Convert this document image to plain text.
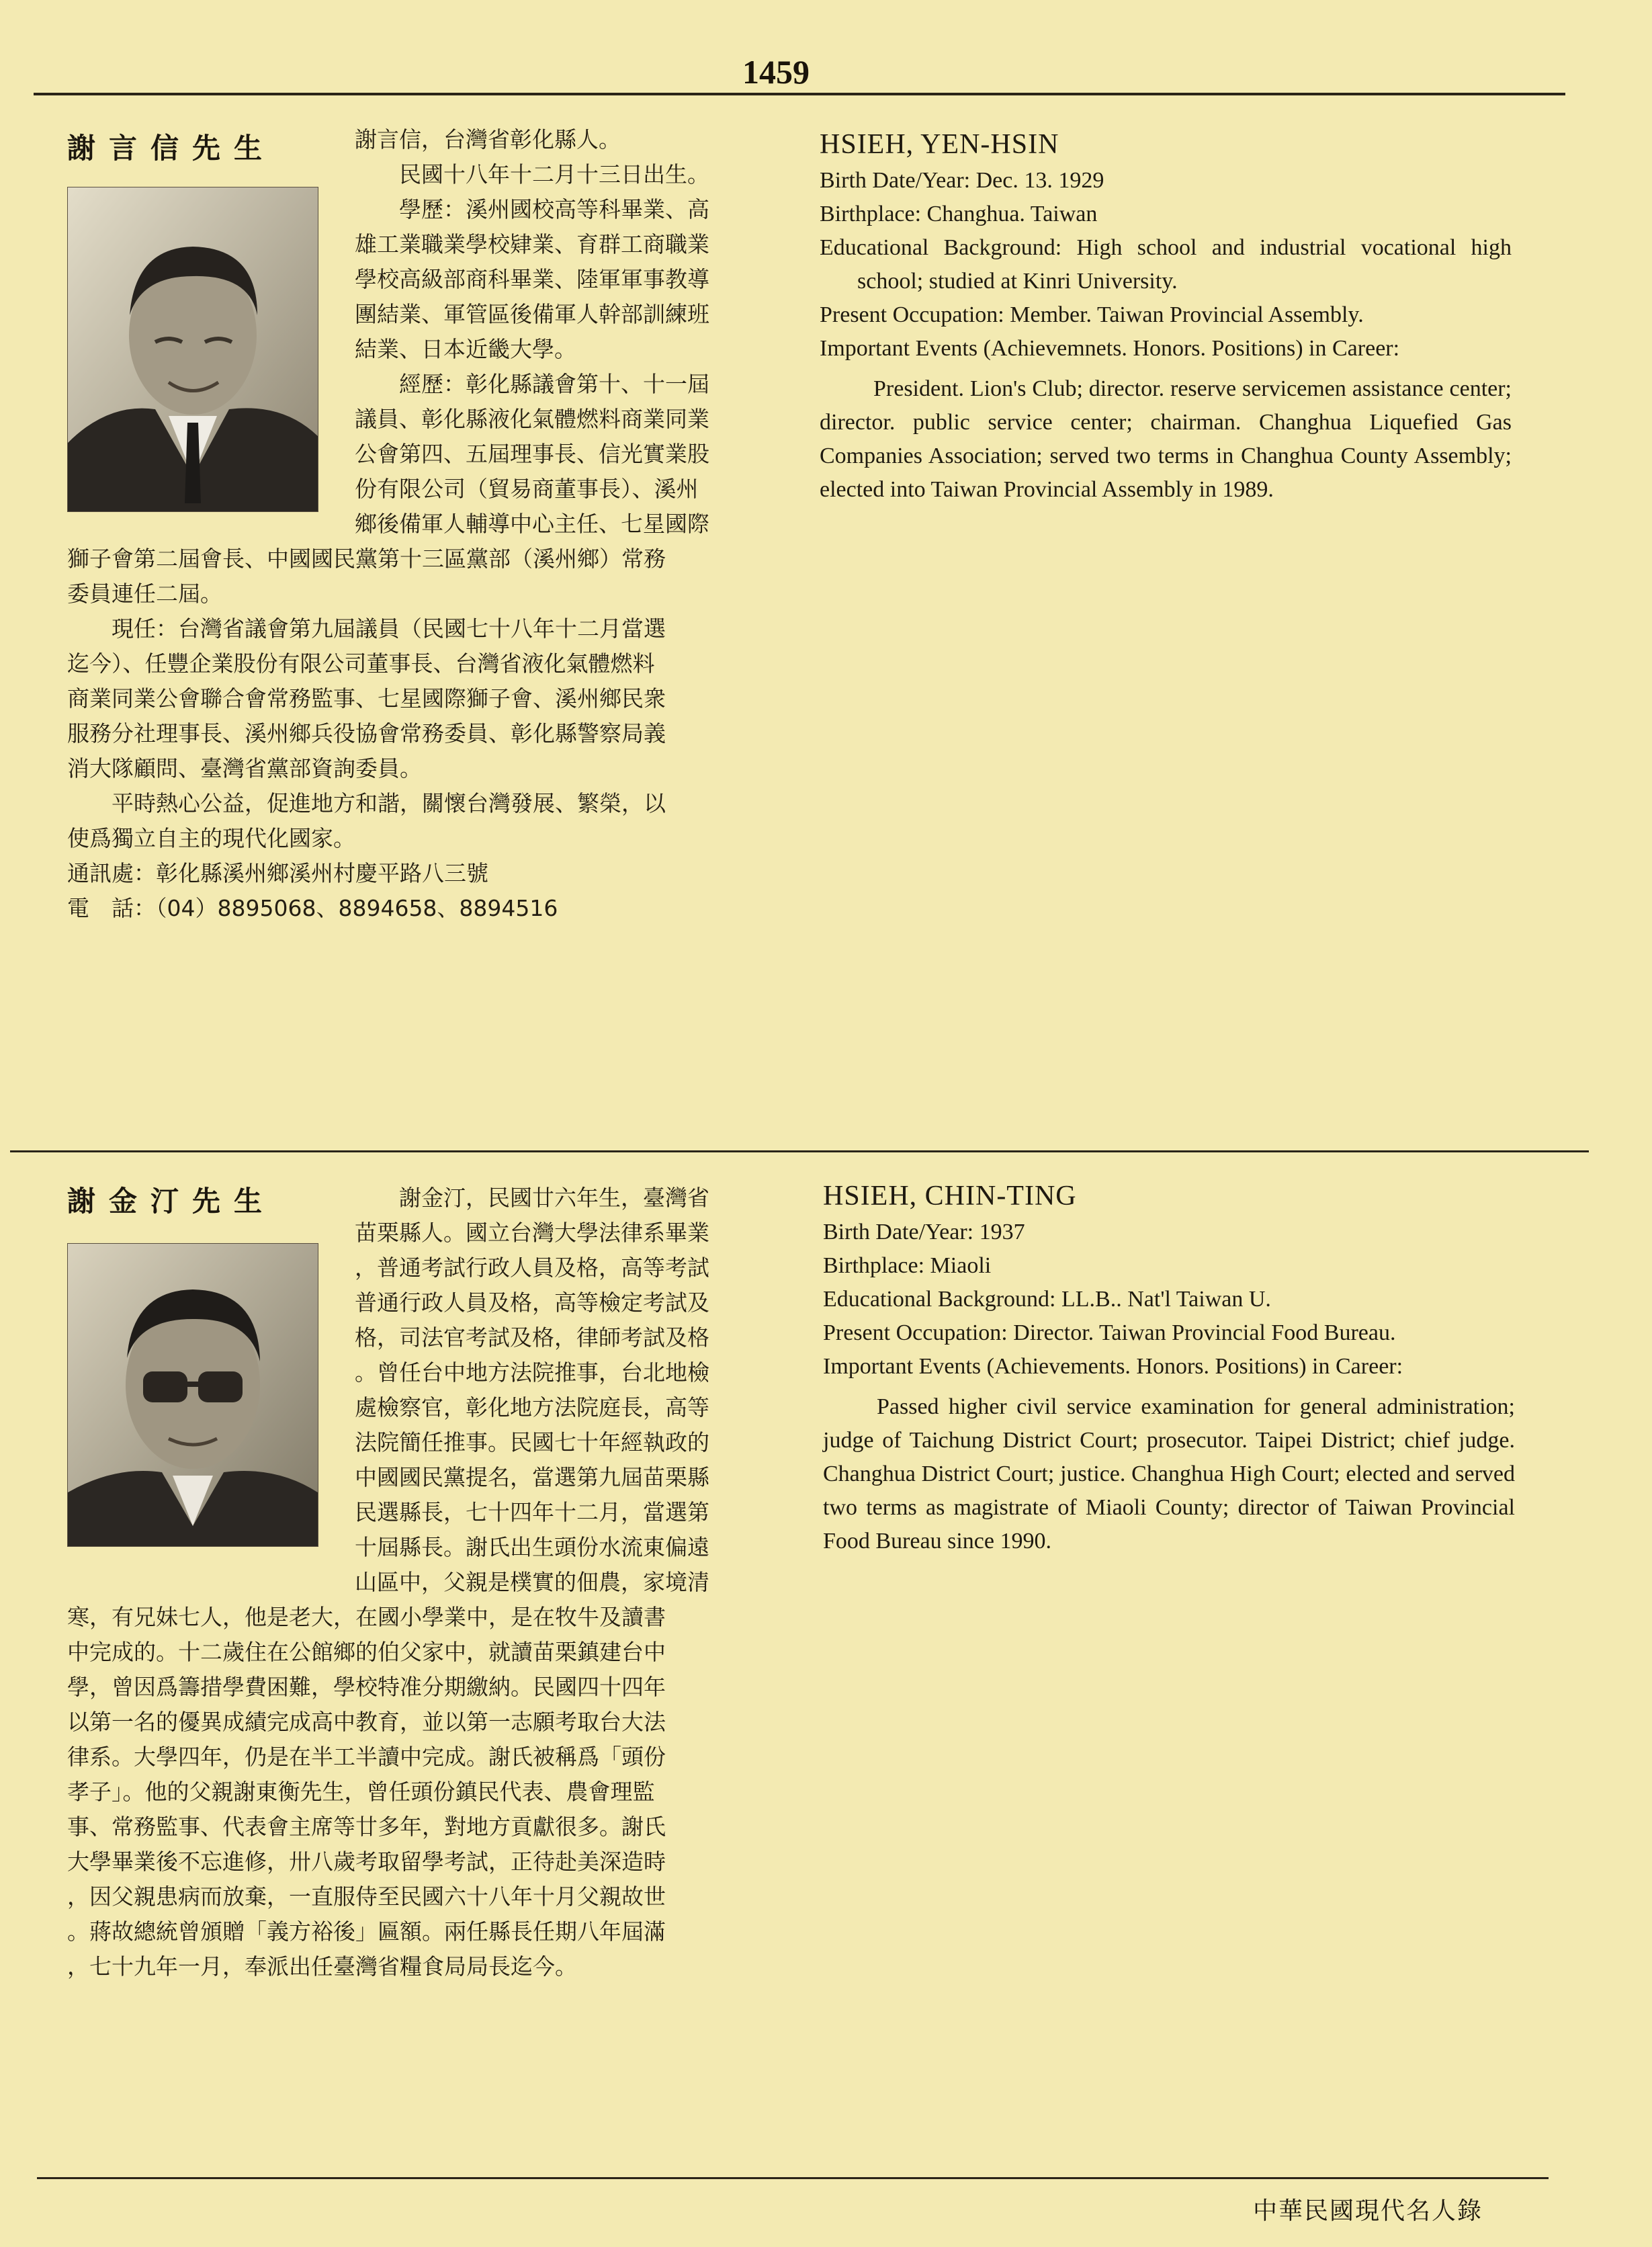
1459

謝言信先生	謝言信，台灣省彰化縣人。

民國十八年十二月十三日出生。

學歷：溪州國校高等科畢業、高

雄工業職業學校肄業、育群工商職業

學校高級部商科畢業、陸軍軍事教導

團結業、軍管區後備軍人幹部訓練班

結業、日本近畿大學。

經歷：彰化縣議會第十、十一屆

議員、彰化縣液化氣體燃料商業同業

公會第四、五屆理事長、信光實業股

份有限公司（貿易商董事長）、溪州

鄉後備軍人輔導中心主任、七星國際

獅子會第二屆會長、中國國民黨第十三區黨部（溪州鄉）常務

委員連任二屆。

現任：台灣省議會第九屆議員（民國七十八年十二月當選

迄今）、任豐企業股份有限公司董事長、台灣省液化氣體燃料

商業同業公會聯合會常務監事、七星國際獅子會、溪州鄉民衆

服務分社理事長、溪州鄉兵役協會常務委員、彰化縣警察局義

消大隊顧問、臺灣省黨部資詢委員。

平時熱心公益，促進地方和諧，關懷台灣發展、繁榮，以

使爲獨立自主的現代化國家。

通訊處：彰化縣溪州鄉溪州村慶平路八三號

電　話：（04）8895068、8894658、8894516

HSIEH, YEN-HSIN

Birth Date/Year: Dec. 13. 1929

Birthplace: Changhua. Taiwan

Educational Background: High school and industrial vocational high school; studied at Kinri University.

Present Occupation: Member. Taiwan Provincial Assembly.

Important Events (Achievemnets. Honors. Positions) in Career:

President. Lion's Club; director. reserve servicemen assistance center; director. public service center; chairman. Changhua Liquefied Gas Companies Association; served two terms in Changhua County Assembly; elected into Taiwan Provincial Assembly in 1989.

謝金汀先生	謝金汀，民國廿六年生，臺灣省

苗栗縣人。國立台灣大學法律系畢業

，普通考試行政人員及格，高等考試

普通行政人員及格，高等檢定考試及

格，司法官考試及格，律師考試及格

。曾任台中地方法院推事，台北地檢

處檢察官，彰化地方法院庭長，高等

法院簡任推事。民國七十年經執政的

中國國民黨提名，當選第九屆苗栗縣

民選縣長，七十四年十二月，當選第

十屆縣長。謝氏出生頭份水流東偏遠

山區中，父親是樸實的佃農，家境清

寒，有兄妹七人，他是老大，在國小學業中，是在牧牛及讀書

中完成的。十二歲住在公館鄉的伯父家中，就讀苗栗鎮建台中

學，曾因爲籌措學費困難，學校特准分期繳納。民國四十四年

以第一名的優異成績完成高中教育，並以第一志願考取台大法

律系。大學四年，仍是在半工半讀中完成。謝氏被稱爲「頭份

孝子」。他的父親謝東衡先生，曾任頭份鎮民代表、農會理監

事、常務監事、代表會主席等廿多年，對地方貢獻很多。謝氏

大學畢業後不忘進修，卅八歲考取留學考試，正待赴美深造時

，因父親患病而放棄，一直服侍至民國六十八年十月父親故世

。蔣故總統曾頒贈「義方裕後」匾額。兩任縣長任期八年屆滿

，七十九年一月，奉派出任臺灣省糧食局局長迄今。

HSIEH, CHIN-TING

Birth Date/Year: 1937

Birthplace: Miaoli

Educational Background: LL.B.. Nat'l Taiwan U.

Present Occupation: Director. Taiwan Provincial Food Bureau.

Important Events (Achievements. Honors. Positions) in Career:

Passed higher civil service examination for general administration; judge of Taichung District Court; prosecutor. Taipei District; chief judge. Changhua District Court; justice. Changhua High Court; elected and served two terms as magistrate of Miaoli County; director of Taiwan Provincial Food Bureau since 1990.

中華民國現代名人錄
